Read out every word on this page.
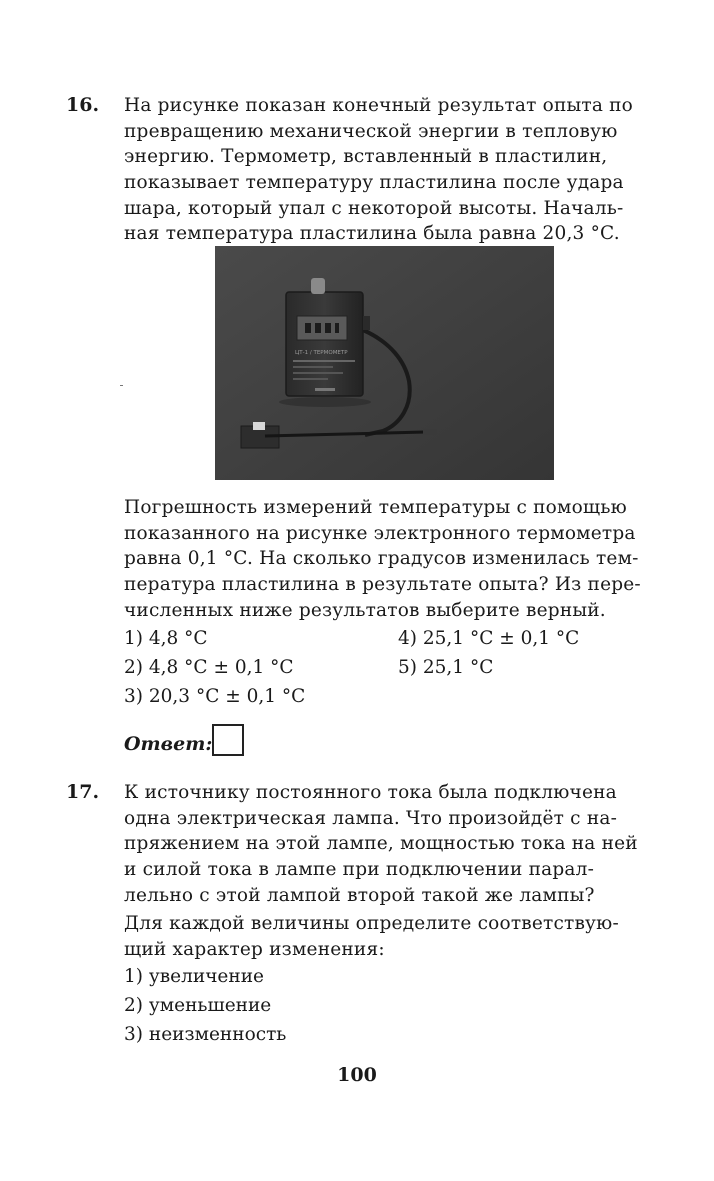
16. На рисунке показан конечный результат опыта по
превращению механической энергии в тепловую
энергию. Термометр, вставленный в пластилин,
показывает температуру пластилина после удара
шара, который упал с некоторой высоты. Началь-
ная температура пластилина была равна 20,3 °C.
ЦТ-1 / ТЕРМОМЕТР
Погрешность измерений температуры с помощью
показанного на рисунке электронного термометра
равна 0,1 °C. На сколько градусов изменилась тем-
пература пластилина в результате опыта? Из пере-
численных ниже результатов выберите верный.
1) 4,8 °C
2) 4,8 °C ± 0,1 °C
3) 20,3 °C ± 0,1 °C
4) 25,1 °C ± 0,1 °C
5) 25,1 °C
Ответ:
17. К источнику постоянного тока была подключена
одна электрическая лампа. Что произойдёт с на-
пряжением на этой лампе, мощностью тока на ней
и силой тока в лампе при подключении парал-
лельно с этой лампой второй такой же лампы?
Для каждой величины определите соответствую-
щий характер изменения:
1) увеличение
2) уменьшение
3) неизменность
100
